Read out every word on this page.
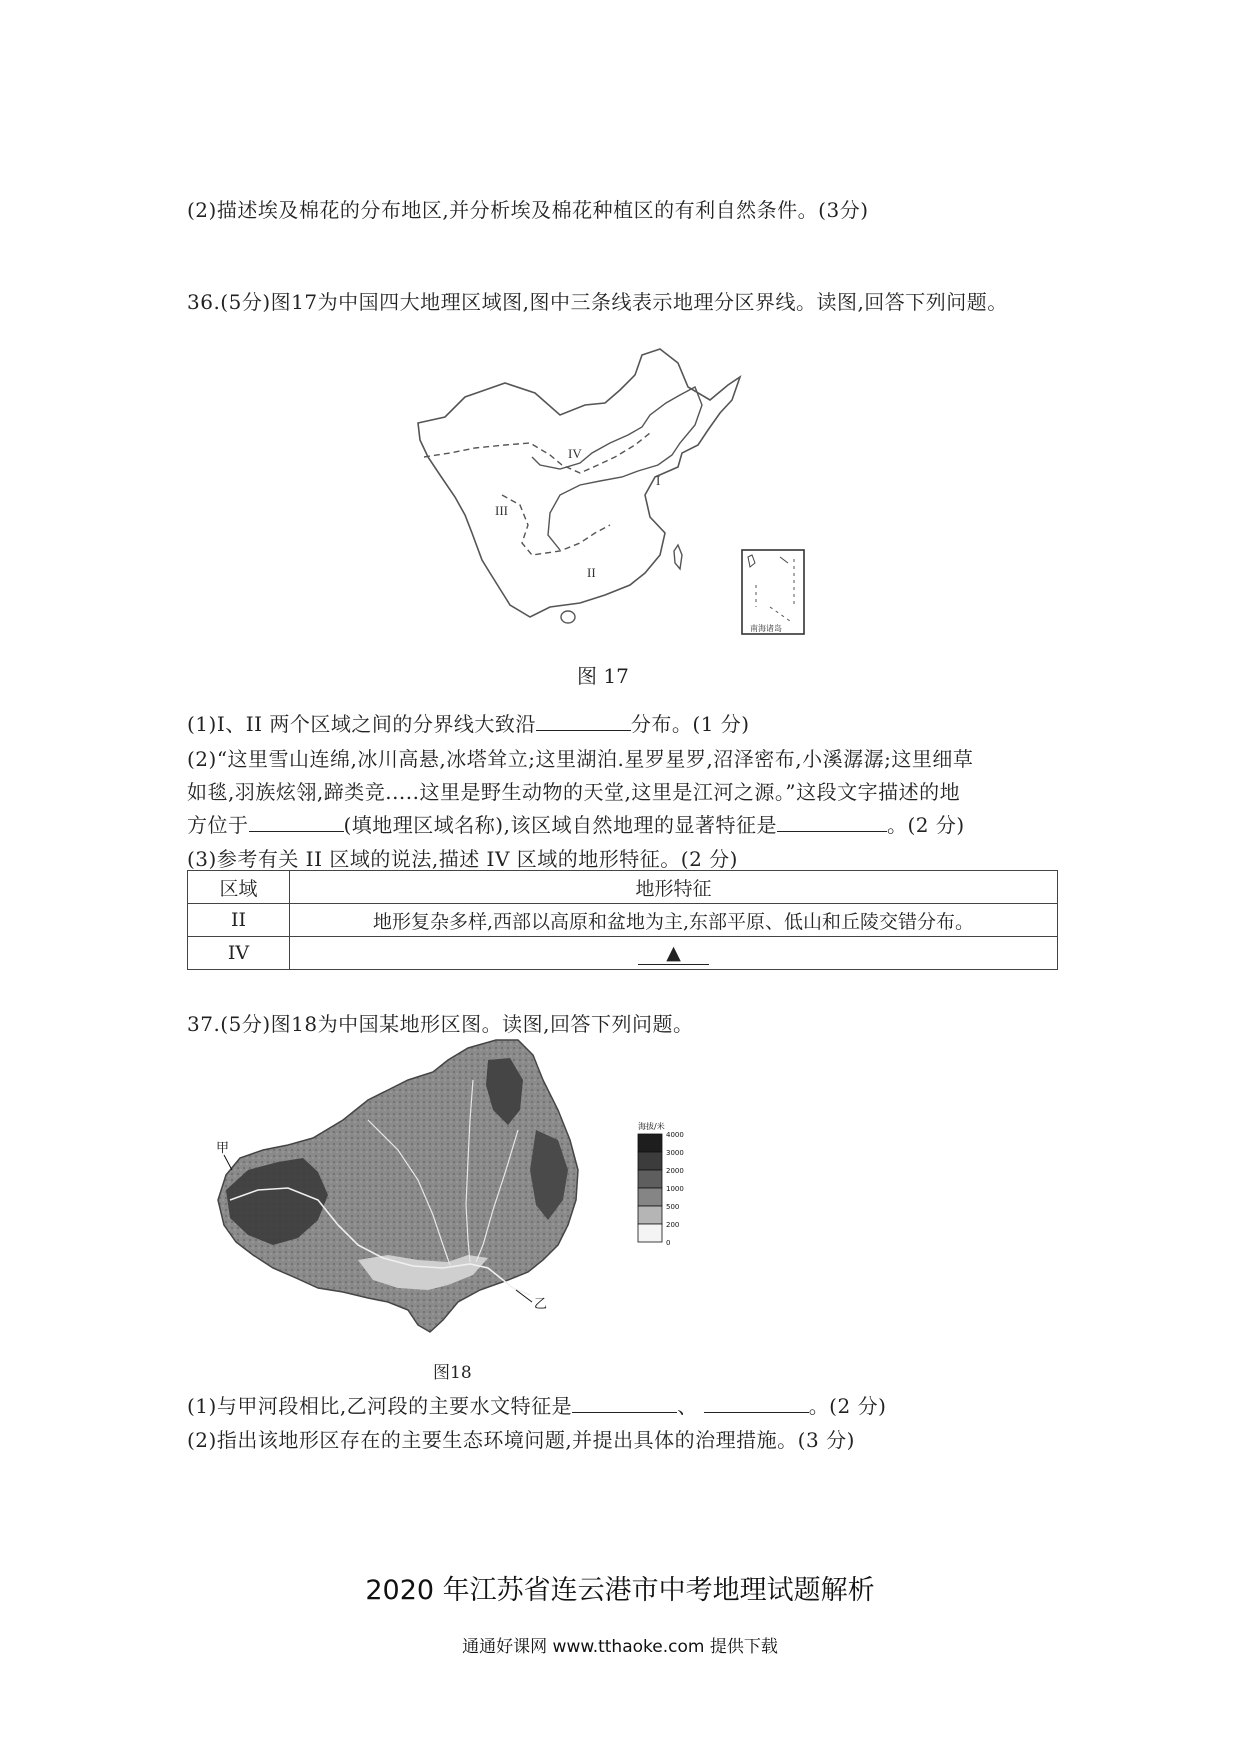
(2)描述埃及棉花的分布地区,并分析埃及棉花种植区的有利自然条件。(3分)
36.(5分)图17为中国四大地理区域图,图中三条线表示地理分区界线。读图,回答下列问题。
IV
I
III
II
南海诸岛
图 17
(1)I、II 两个区域之间的分界线大致沿	分布。(1 分)
(2)“这里雪山连绵,冰川高悬,冰塔耸立;这里湖泊.星罗星罗,沼泽密布,小溪潺潺;这里细草
如毯,羽族炫翎,蹄类竞.....这里是野生动物的天堂,这里是江河之源。”这段文字描述的地
方位于	(填地理区域名称),该区域自然地理的显著特征是	。(2 分)
(3)参考有关 II 区域的说法,描述 IV 区域的地形特征。(2 分)
区域	地形特征
II	地形复杂多样,西部以高原和盆地为主,东部平原、低山和丘陵交错分布。
IV	▲
37.(5分)图18为中国某地形区图。读图,回答下列问题。
甲
乙
海拔/米
4000
3000
2000
1000
500
200
0
图18
(1)与甲河段相比,乙河段的主要水文特征是	、	。(2 分)
(2)指出该地形区存在的主要生态环境问题,并提出具体的治理措施。(3 分)
2020 年江苏省连云港市中考地理试题解析
通通好课网 www.tthaoke.com 提供下载
